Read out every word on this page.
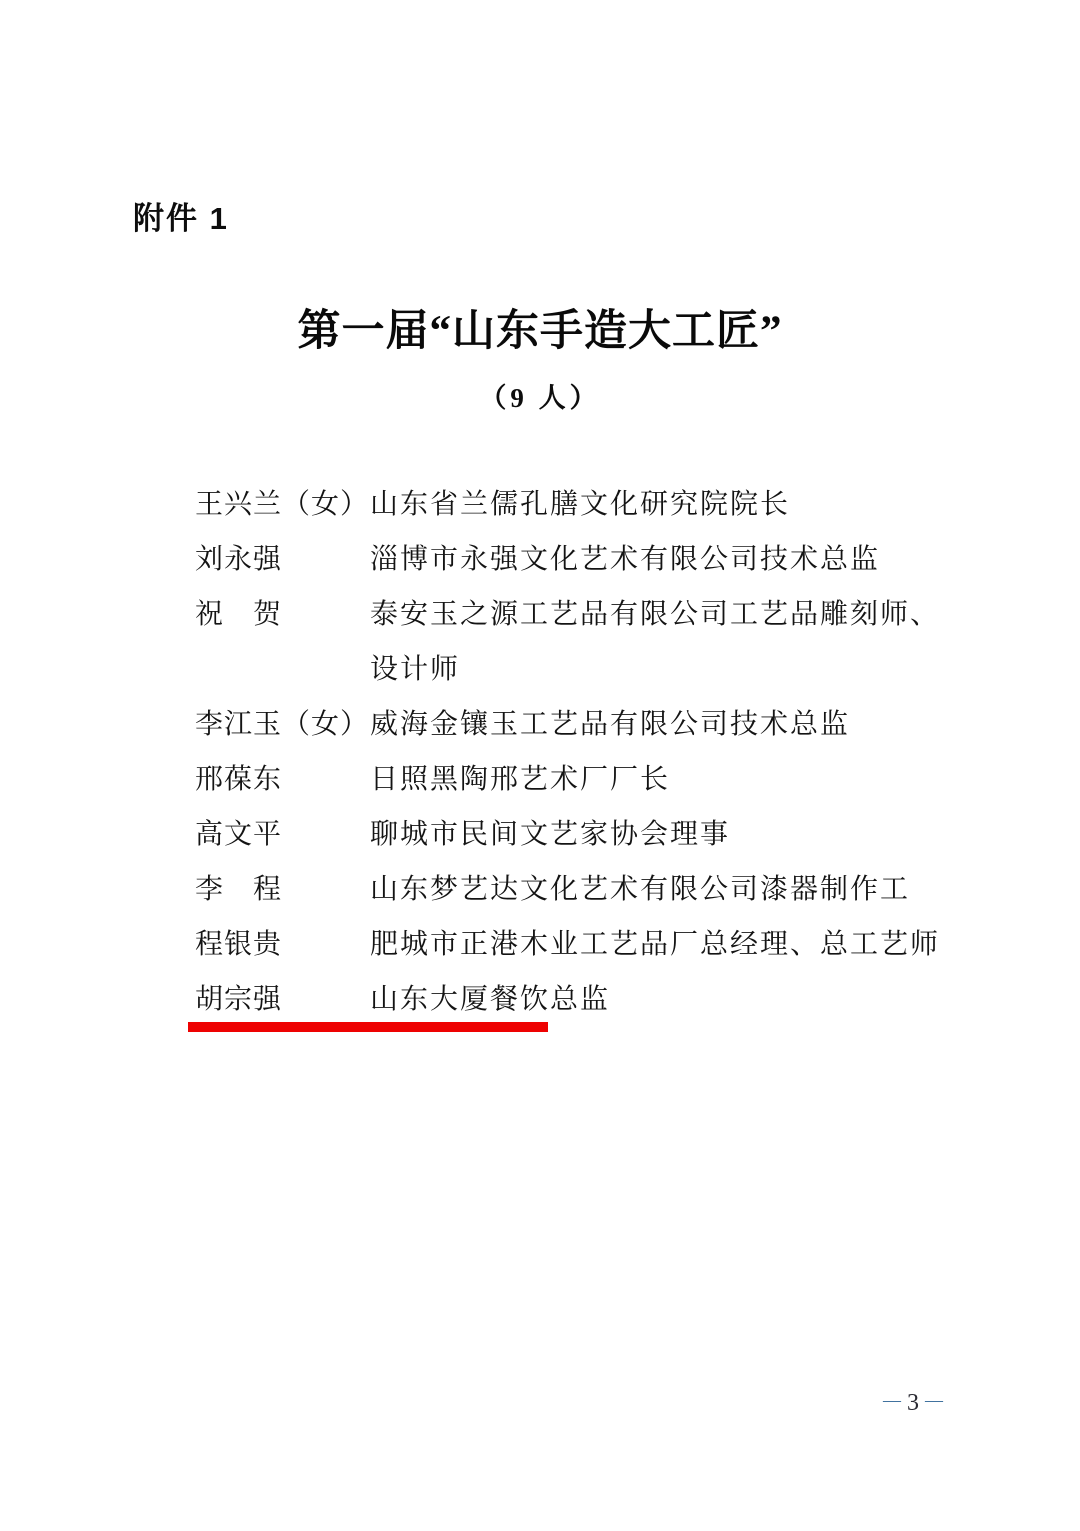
附件 1
第一届“山东手造大工匠”
（9 人）
王兴兰（女） 山东省兰儒孔膳文化研究院院长
刘永强	淄博市永强文化艺术有限公司技术总监
祝　贺	泰安玉之源工艺品有限公司工艺品雕刻师、
设计师
李江玉（女） 威海金镶玉工艺品有限公司技术总监
邢葆东	日照黑陶邢艺术厂厂长
高文平	聊城市民间文艺家协会理事
李　程	山东梦艺达文化艺术有限公司漆器制作工
程银贵	肥城市正港木业工艺品厂总经理、总工艺师
胡宗强	山东大厦餐饮总监
－3－
